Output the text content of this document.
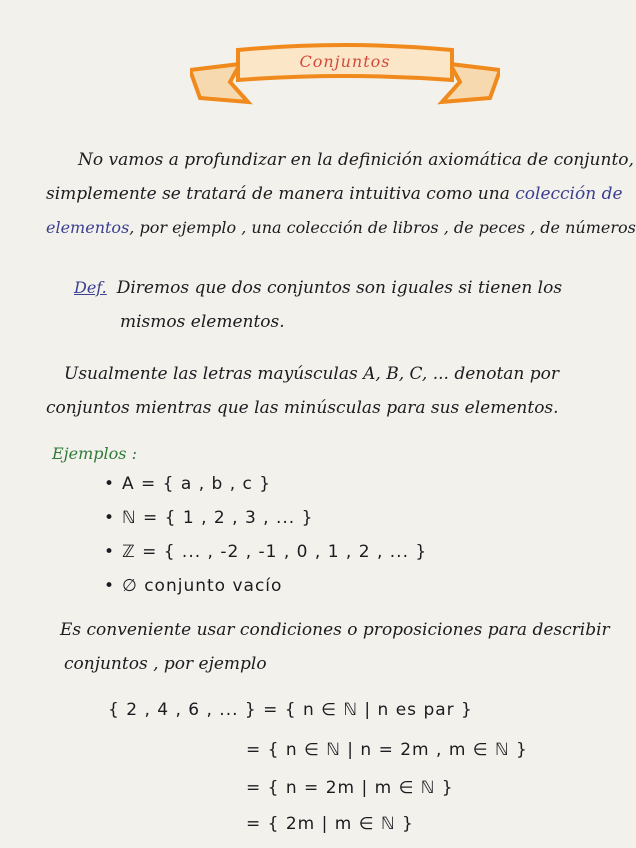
Conjuntos
No vamos a profundizar en la definición axiomática de conjunto,
simplemente se tratará de manera intuitiva como una colección de
elementos, por ejemplo , una colección de libros , de peces , de números
Def. Diremos que dos conjuntos son iguales si tienen los
mismos elementos.
Usualmente las letras mayúsculas A, B, C, ... denotan por
conjuntos mientras que las minúsculas para sus elementos.
Ejemplos :
• A = { a , b , c }
• ℕ = { 1 , 2 , 3 , ... }
• ℤ = { ... , -2 , -1 , 0 , 1 , 2 , ... }
• ∅ conjunto vacío
Es conveniente usar condiciones o proposiciones para describir
conjuntos , por ejemplo
{ 2 , 4 , 6 , ... } = { n ∈ ℕ | n es par }
= { n ∈ ℕ | n = 2m , m ∈ ℕ }
= { n = 2m | m ∈ ℕ }
= { 2m | m ∈ ℕ }
